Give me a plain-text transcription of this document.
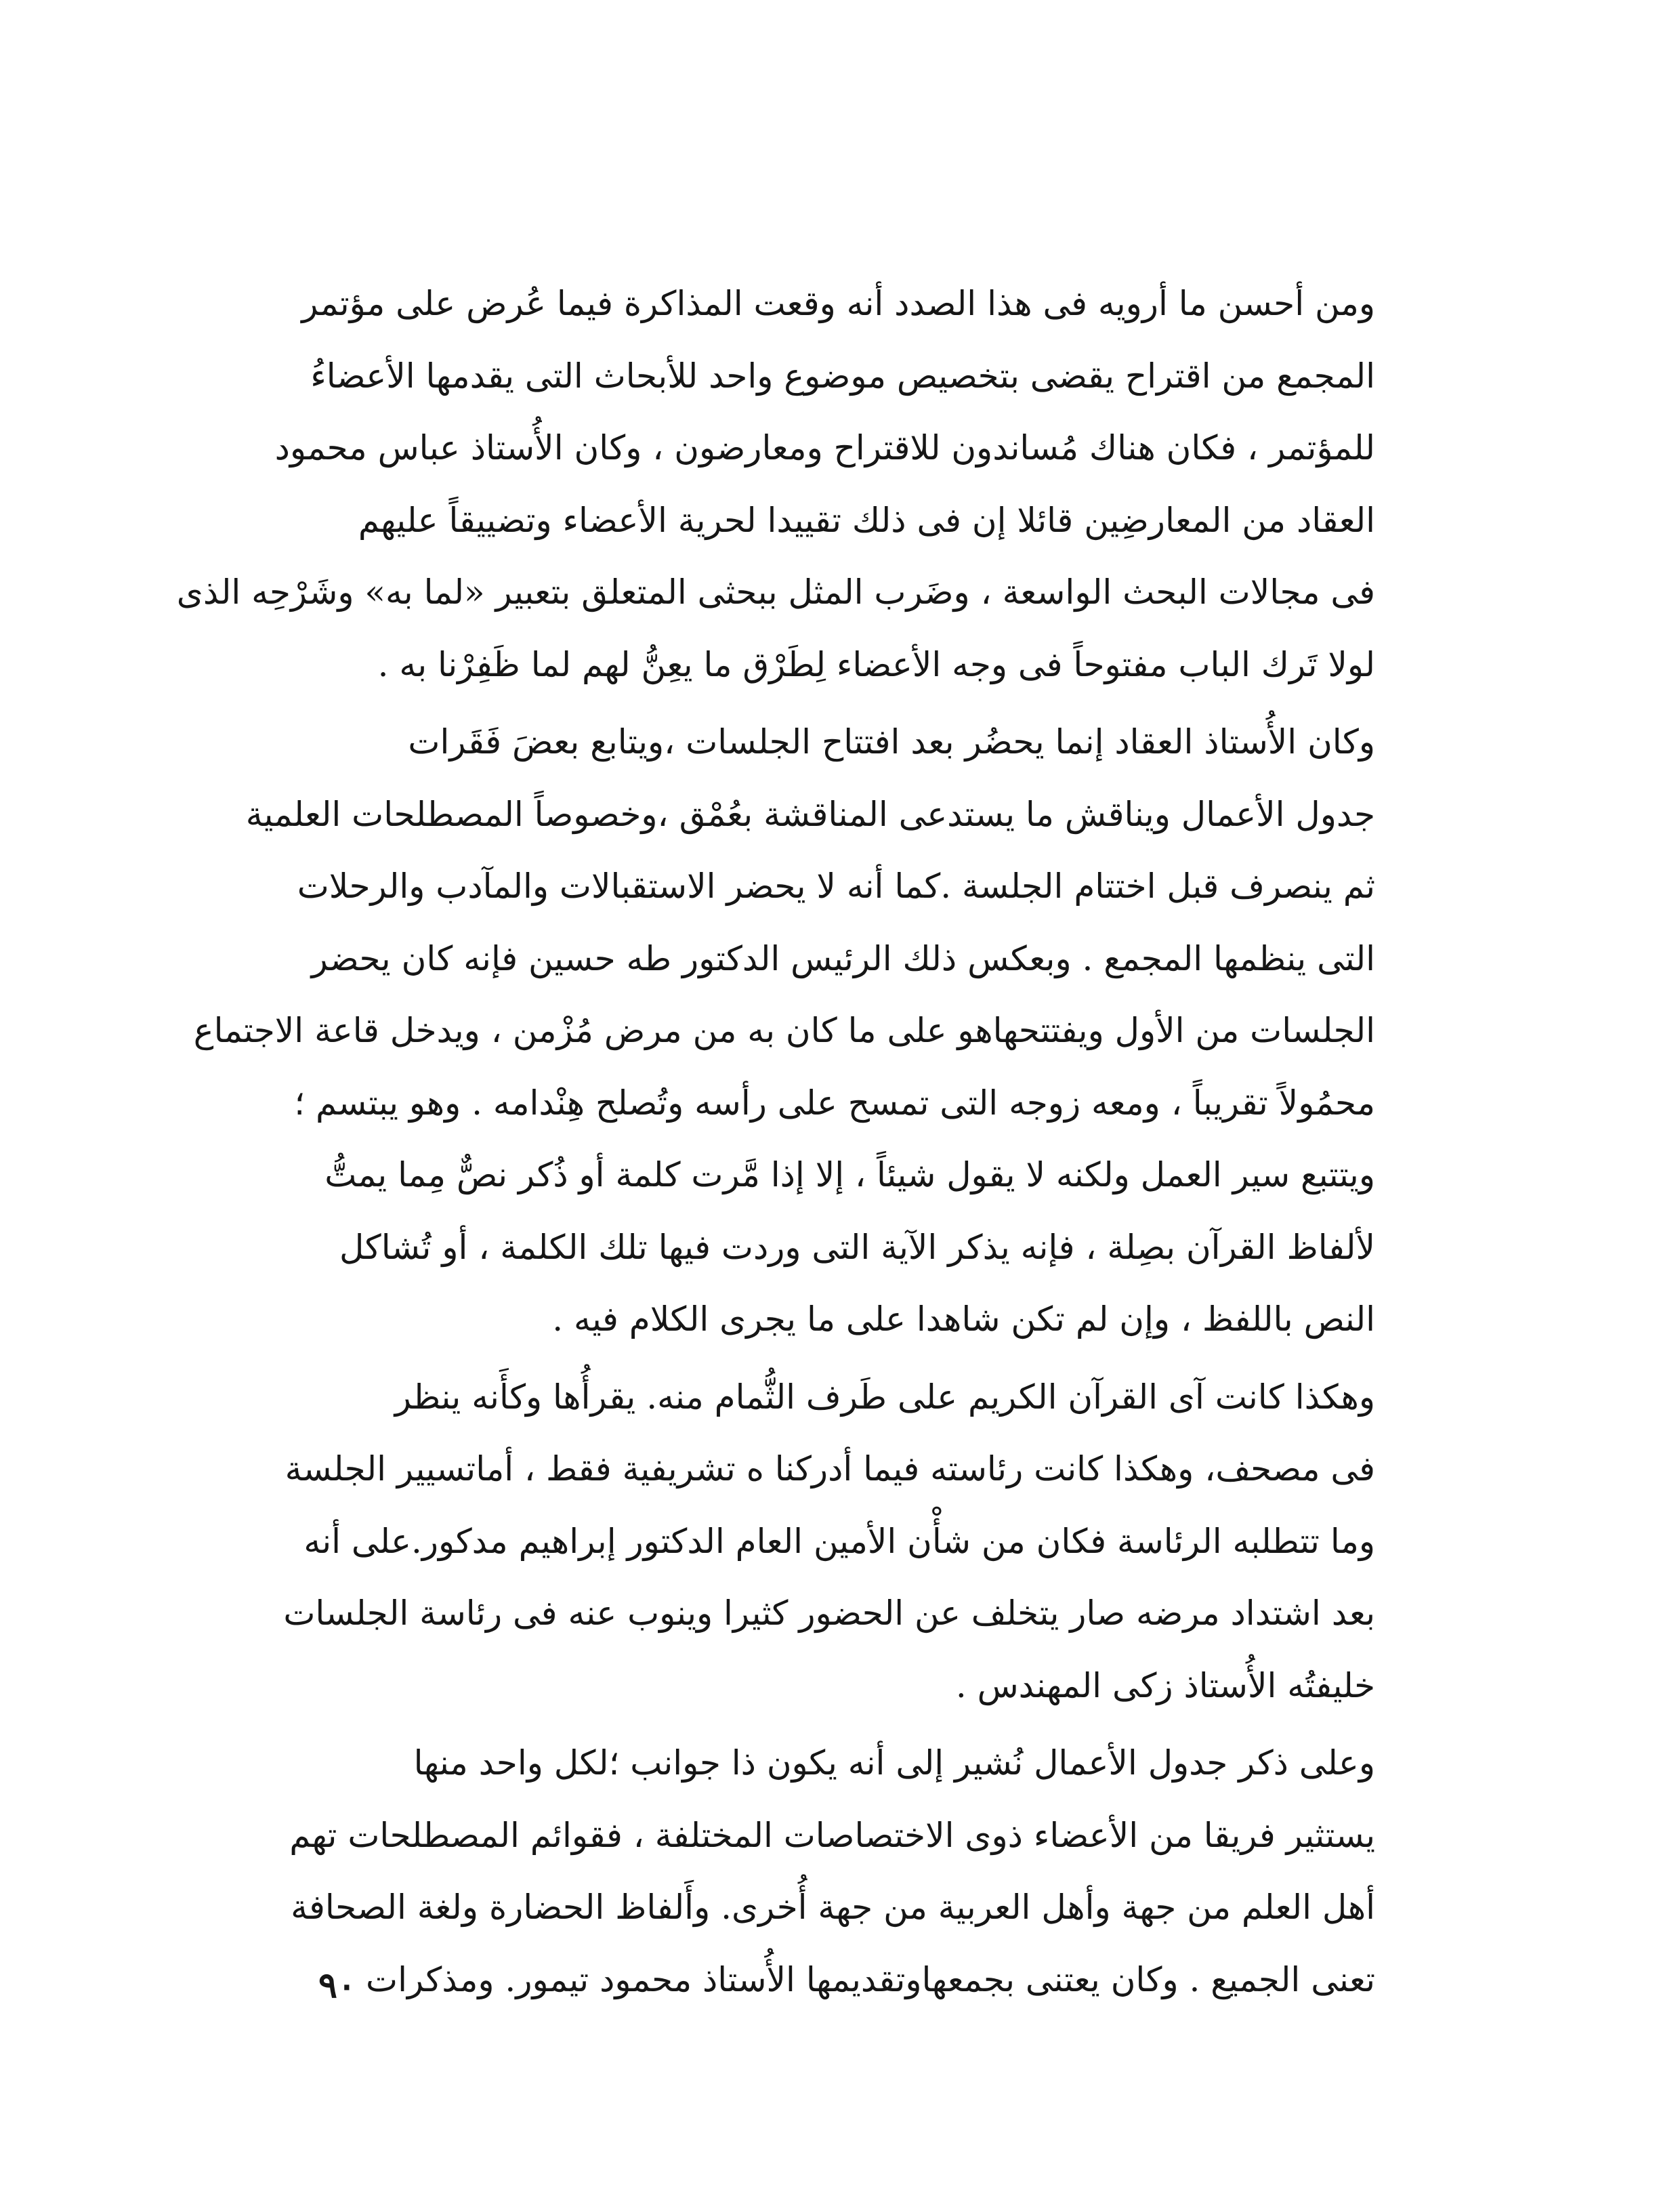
ومن أحسن ما أرويه فى هذا الصدد أنه وقعت المذاكرة فيما عُرض على مؤتمر
المجمع من اقتراح يقضى بتخصيص موضوع واحد للأبحاث التى يقدمها الأعضاءُ
للمؤتمر ، فكان هناك مُساندون للاقتراح ومعارضون ، وكان الأُستاذ عباس محمود
العقاد من المعارضِين قائلا إن فى ذلك تقييدا لحرية الأعضاء وتضييقاً عليهم
فى مجالات البحث الواسعة ، وضَرب المثل ببحثى المتعلق بتعبير «لما به» وشَرْحِه الذى
لولا تَرك الباب مفتوحاً فى وجه الأعضاء لِطَرْق ما يعِنُّ لهم لما ظَفِرْنا به .
وكان الأُستاذ العقاد إنما يحضُر بعد افتتاح الجلسات ،ويتابع بعضَ فَقَرات
جدول الأعمال ويناقش ما يستدعى المناقشة بعُمْق ،وخصوصاً المصطلحات العلمية
ثم ينصرف قبل اختتام الجلسة .كما أنه لا يحضر الاستقبالات والمآدب والرحلات
التى ينظمها المجمع . وبعكس ذلك الرئيس الدكتور طه حسين فإنه كان يحضر
الجلسات من الأول ويفتتحهاهو على ما كان به من مرض مُزْمن ، ويدخل قاعة الاجتماع
محمُولاً تقريباً ، ومعه زوجه التى تمسح على رأسه وتُصلح هِنْدامه . وهو يبتسم ؛
ويتتبع سير العمل ولكنه لا يقول شيئاً ، إلا إذا مَّرت كلمة أو ذُكر نصٌّ مِما يمتُّ
لألفاظ القرآن بصِلة ، فإنه يذكر الآية التى وردت فيها تلك الكلمة ، أو تُشاكل
النص باللفظ ، وإن لم تكن شاهدا على ما يجرى الكلام فيه .
وهكذا كانت آى القرآن الكريم على طَرف الثُّمام منه. يقرأُها وكأَنه ينظر
فى مصحف، وهكذا كانت رئاسته فيما أدركنا ه تشريفية فقط ، أماتسيير الجلسة
وما تتطلبه الرئاسة فكان من شأْن الأمين العام الدكتور إبراهيم مدكور.على أنه
بعد اشتداد مرضه صار يتخلف عن الحضور كثيرا وينوب عنه فى رئاسة الجلسات
خليفتُه الأُستاذ زكى المهندس .
وعلى ذكر جدول الأعمال نُشير إلى أنه يكون ذا جوانب ؛لكل واحد منها
يستثير فريقا من الأعضاء ذوى الاختصاصات المختلفة ، فقوائم المصطلحات تهم
أهل العلم من جهة وأهل العربية من جهة أُخرى. وأَلفاظ الحضارة ولغة الصحافة
تعنى الجميع . وكان يعتنى بجمعهاوتقديمها الأُستاذ محمود تيمور. ومذكرات
٩٠
